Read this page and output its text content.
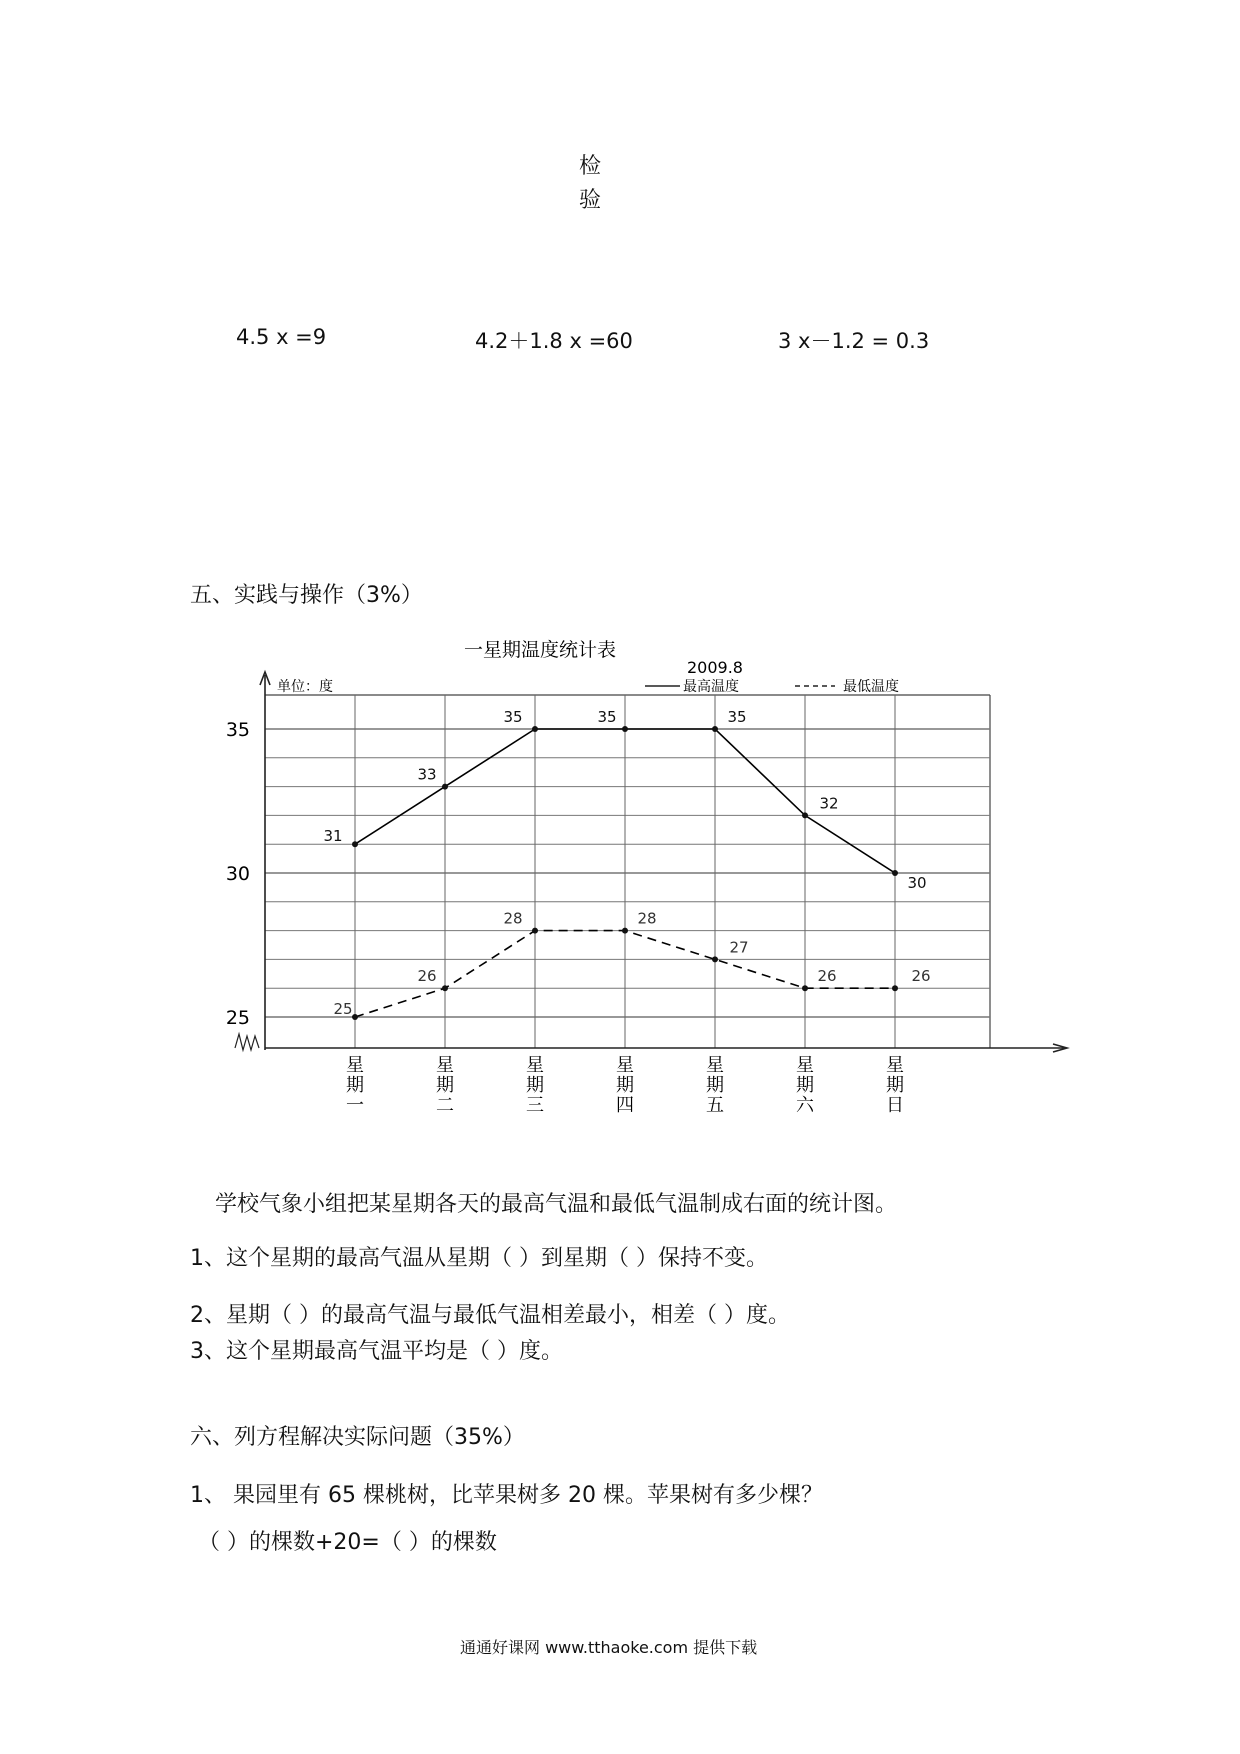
检
验
4.5 x =9	4.2＋1.8 x =60	3 x－1.2 = 0.3
五、实践与操作（3%）
一星期温度统计表
2009.8
单位：度	最高温度	最低温度
25
30
35
31
33
35	35	35
32
30
25
26
28	28
27
26	26
星
期
一
星
期
二
星
期
三
星
期
四
星
期
五
星
期
六
星
期
日
学校气象小组把某星期各天的最高气温和最低气温制成右面的统计图。
1、这个星期的最高气温从星期（ ）到星期（ ）保持不变。
2、星期（ ）的最高气温与最低气温相差最小，相差（ ）度。
3、这个星期最高气温平均是（ ）度。
六、列方程解决实际问题（35%）
1、 果园里有 65 棵桃树，比苹果树多 20 棵。苹果树有多少棵？
（ ）的棵数+20=（ ）的棵数
通通好课网 www.tthaoke.com 提供下载
